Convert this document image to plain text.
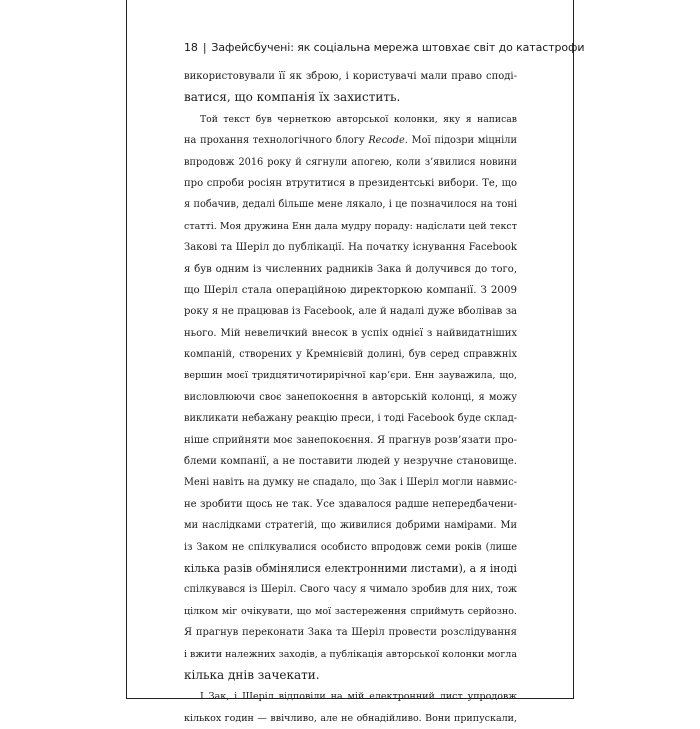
18 | Зафейсбучені: як соціальна мережа штовхає світ до катастрофи
використовували її як зброю, і користувачі мали право споді-
ватися, що компанія їх захистить.
Той текст був чернеткою авторської колонки, яку я написав
на прохання технологічного блогу Recode. Мої підозри міцніли
впродовж 2016 року й сягнули апогею, коли з’явилися новини
про спроби росіян втрутитися в президентські вибори. Те, що
я побачив, дедалі більше мене лякало, і це позначилося на тоні
статті. Моя дружина Енн дала мудру пораду: надіслати цей текст
Закові та Шеріл до публікації. На початку існування Facebook
я був одним із численних радників Зака й долучився до того,
що Шеріл стала операційною директоркою компанії. З 2009
року я не працював із Facebook, але й надалі дуже вболівав за
нього. Мій невеличкий внесок в успіх однієї з найвидатніших
компаній, створених у Кремнієвій долині, був серед справжніх
вершин моєї тридцятичотирирічної кар’єри. Енн зауважила, що,
висловлюючи своє занепокоєння в авторській колонці, я можу
викликати небажану реакцію преси, і тоді Facebook буде склад-
ніше сприйняти моє занепокоєння. Я прагнув розв’язати про-
блеми компанії, а не поставити людей у незручне становище.
Мені навіть на думку не спадало, що Зак і Шеріл могли навмис-
не зробити щось не так. Усе здавалося радше непередбачени-
ми наслідками стратегій, що живилися добрими намірами. Ми
із Заком не спілкувалися особисто впродовж семи років (лише
кілька разів обмінялися електронними листами), а я іноді
спілкувався із Шеріл. Свого часу я чимало зробив для них, тож
цілком міг очікувати, що мої застереження сприймуть серйозно.
Я прагнув переконати Зака та Шеріл провести розслідування
і вжити належних заходів, а публікація авторської колонки могла
кілька днів зачекати.
І Зак, і Шеріл відповіли на мій електронний лист упродовж
кількох годин — ввічливо, але не обнадійливо. Вони припускали,
